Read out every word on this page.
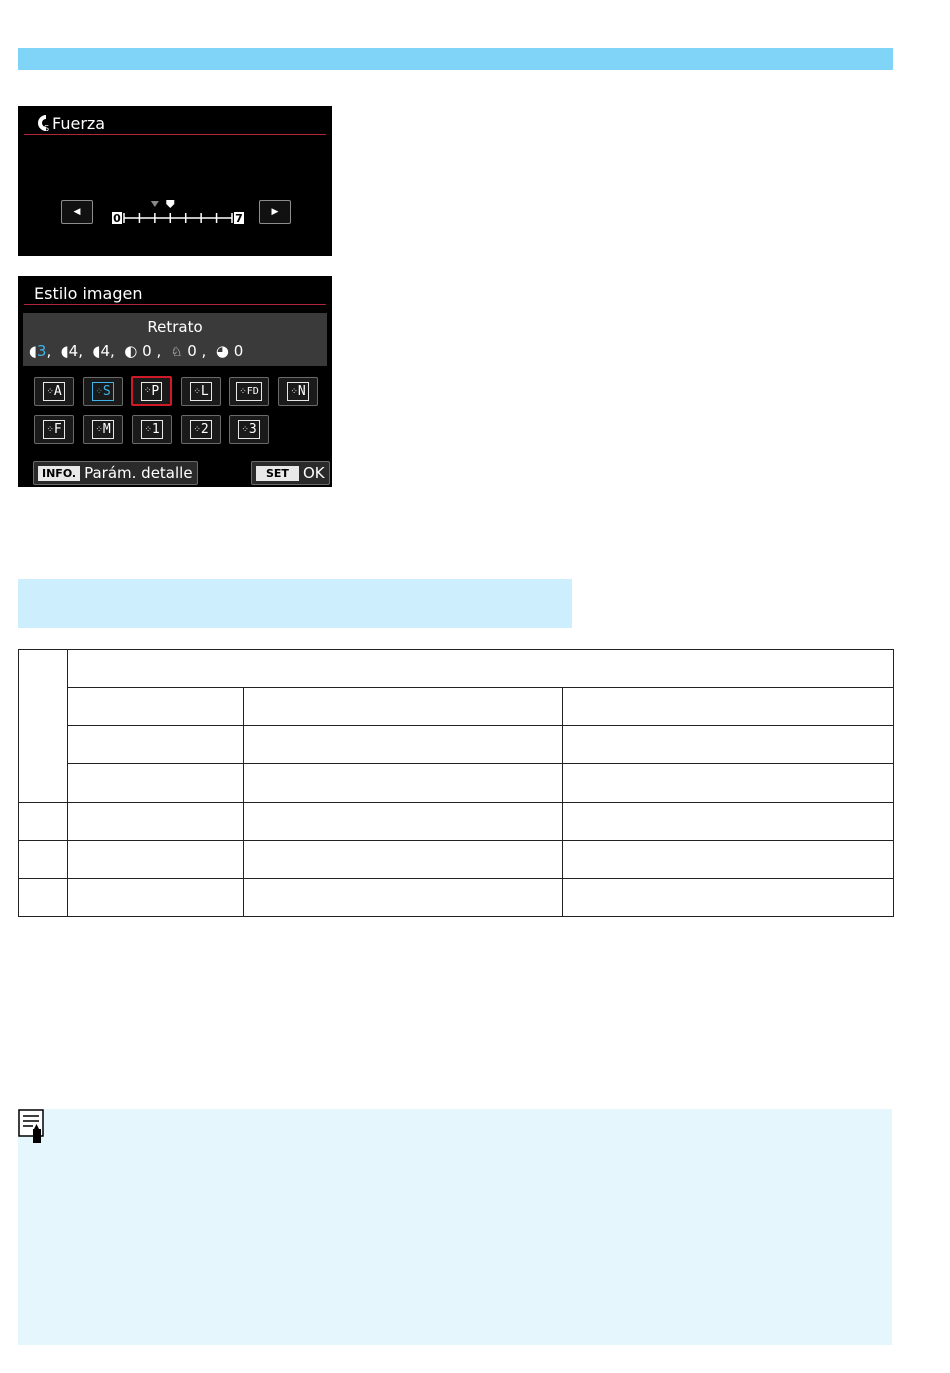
S Fuerza
◀	0	7	▶
Estilo imagen
Retrato
◖3,  ◖4,  ◖4,  ◐ 0 ,  ♘ 0 ,  ◕ 0
⁘ A	⁘ S	⁘ P	⁘ L	⁘ FD	⁘ N
⁘ F	⁘ M	⁘ 1	⁘ 2	⁘ 3
INFO. Parám. detalle	SET OK
